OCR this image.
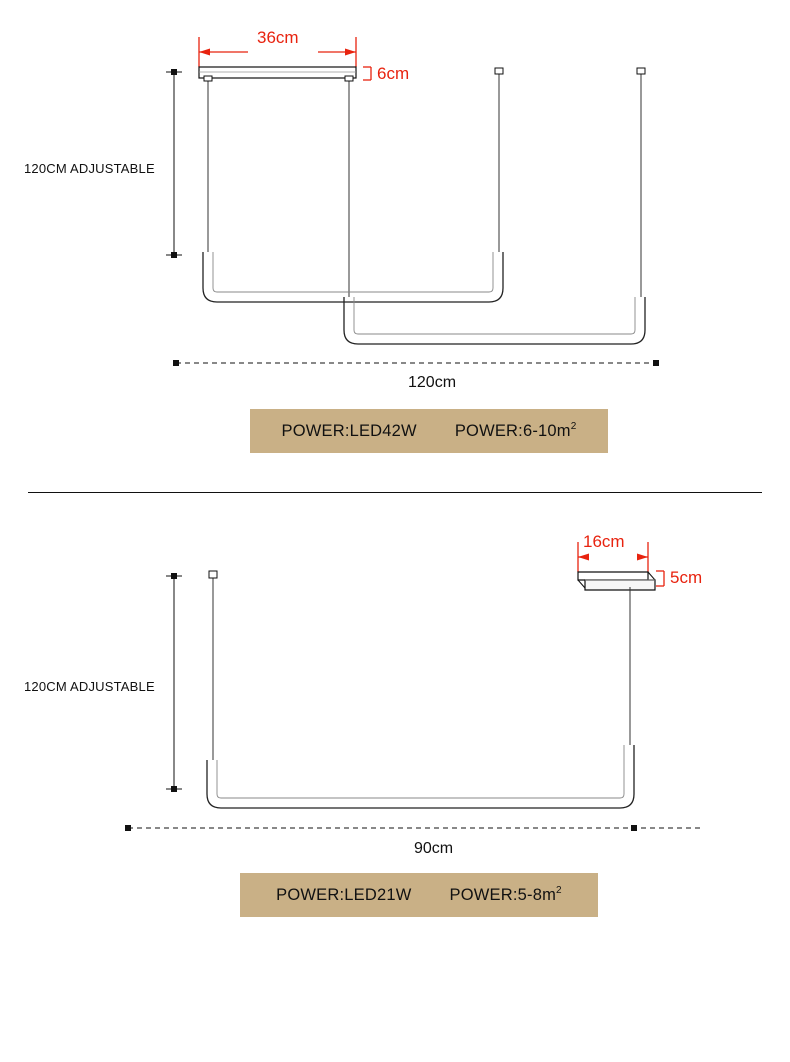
36cm
6cm
120CM ADJUSTABLE
120cm
POWER:LED42W POWER:6-10m2
16cm
5cm
120CM ADJUSTABLE
90cm
POWER:LED21W POWER:5-8m2
